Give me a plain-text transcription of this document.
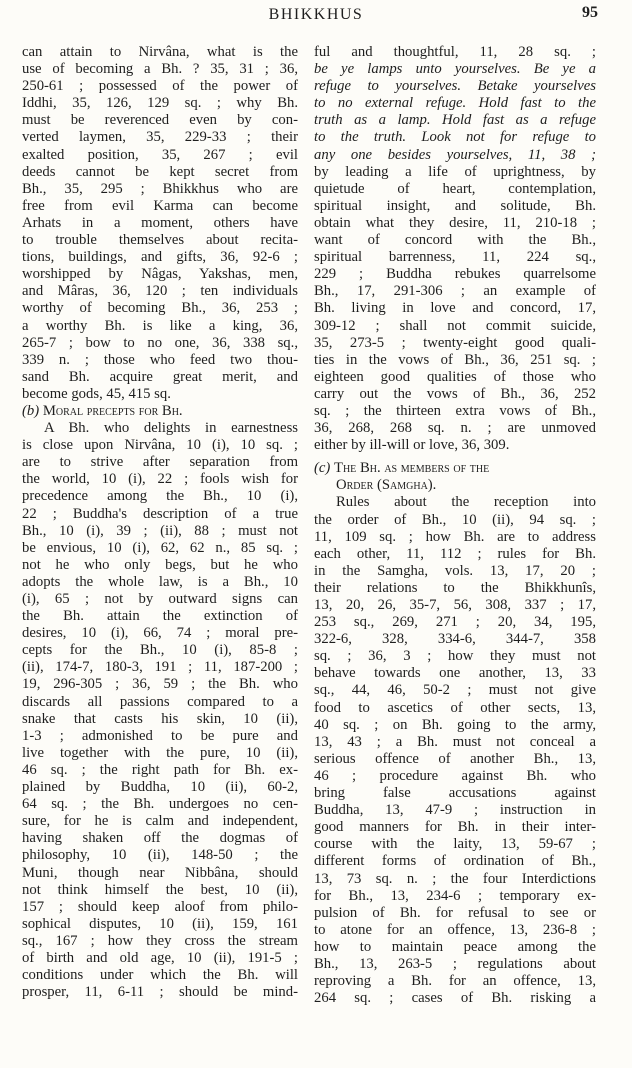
BHIKKHUS	95
can attain to Nirvâna, what is the
use of becoming a Bh. ? 35, 31 ; 36,
250-61 ; possessed of the power of
Iddhi, 35, 126, 129 sq. ; why Bh.
must be reverenced even by con-
verted laymen, 35, 229-33 ; their
exalted position, 35, 267 ; evil
deeds cannot be kept secret from
Bh., 35, 295 ; Bhikkhus who are
free from evil Karma can become
Arhats in a moment, others have
to trouble themselves about recita-
tions, buildings, and gifts, 36, 92-6 ;
worshipped by Nâgas, Yakshas, men,
and Mâras, 36, 120 ; ten individuals
worthy of becoming Bh., 36, 253 ;
a worthy Bh. is like a king, 36,
265-7 ; bow to no one, 36, 338 sq.,
339 n. ; those who feed two thou-
sand Bh. acquire great merit, and
become gods, 45, 415 sq.
(b) Moral precepts for Bh.
A Bh. who delights in earnestness
is close upon Nirvâna, 10 (i), 10 sq. ;
are to strive after separation from
the world, 10 (i), 22 ; fools wish for
precedence among the Bh., 10 (i),
22 ; Buddha's description of a true
Bh., 10 (i), 39 ; (ii), 88 ; must not
be envious, 10 (i), 62, 62 n., 85 sq. ;
not he who only begs, but he who
adopts the whole law, is a Bh., 10
(i), 65 ; not by outward signs can
the Bh. attain the extinction of
desires, 10 (i), 66, 74 ; moral pre-
cepts for the Bh., 10 (i), 85-8 ;
(ii), 174-7, 180-3, 191 ; 11, 187-200 ;
19, 296-305 ; 36, 59 ; the Bh. who
discards all passions compared to a
snake that casts his skin, 10 (ii),
1-3 ; admonished to be pure and
live together with the pure, 10 (ii),
46 sq. ; the right path for Bh. ex-
plained by Buddha, 10 (ii), 60-2,
64 sq. ; the Bh. undergoes no cen-
sure, for he is calm and independent,
having shaken off the dogmas of
philosophy, 10 (ii), 148-50 ; the
Muni, though near Nibbâna, should
not think himself the best, 10 (ii),
157 ; should keep aloof from philo-
sophical disputes, 10 (ii), 159, 161
sq., 167 ; how they cross the stream
of birth and old age, 10 (ii), 191-5 ;
conditions under which the Bh. will
prosper, 11, 6-11 ; should be mind-
ful and thoughtful, 11, 28 sq. ;
be ye lamps unto yourselves. Be ye a
refuge to yourselves. Betake yourselves
to no external refuge. Hold fast to the
truth as a lamp. Hold fast as a refuge
to the truth. Look not for refuge to
any one besides yourselves, 11, 38 ;
by leading a life of uprightness, by
quietude of heart, contemplation,
spiritual insight, and solitude, Bh.
obtain what they desire, 11, 210-18 ;
want of concord with the Bh.,
spiritual barrenness, 11, 224 sq.,
229 ; Buddha rebukes quarrelsome
Bh., 17, 291-306 ; an example of
Bh. living in love and concord, 17,
309-12 ; shall not commit suicide,
35, 273-5 ; twenty-eight good quali-
ties in the vows of Bh., 36, 251 sq. ;
eighteen good qualities of those who
carry out the vows of Bh., 36, 252
sq. ; the thirteen extra vows of Bh.,
36, 268, 268 sq. n. ; are unmoved
either by ill-will or love, 36, 309.
(c) The Bh. as members of the
Order (Samgha).
Rules about the reception into
the order of Bh., 10 (ii), 94 sq. ;
11, 109 sq. ; how Bh. are to address
each other, 11, 112 ; rules for Bh.
in the Samgha, vols. 13, 17, 20 ;
their relations to the Bhikkhunîs,
13, 20, 26, 35-7, 56, 308, 337 ; 17,
253 sq., 269, 271 ; 20, 34, 195,
322-6, 328, 334-6, 344-7, 358
sq. ; 36, 3 ; how they must not
behave towards one another, 13, 33
sq., 44, 46, 50-2 ; must not give
food to ascetics of other sects, 13,
40 sq. ; on Bh. going to the army,
13, 43 ; a Bh. must not conceal a
serious offence of another Bh., 13,
46 ; procedure against Bh. who
bring false accusations against
Buddha, 13, 47-9 ; instruction in
good manners for Bh. in their inter-
course with the laity, 13, 59-67 ;
different forms of ordination of Bh.,
13, 73 sq. n. ; the four Interdictions
for Bh., 13, 234-6 ; temporary ex-
pulsion of Bh. for refusal to see or
to atone for an offence, 13, 236-8 ;
how to maintain peace among the
Bh., 13, 263-5 ; regulations about
reproving a Bh. for an offence, 13,
264 sq. ; cases of Bh. risking a
